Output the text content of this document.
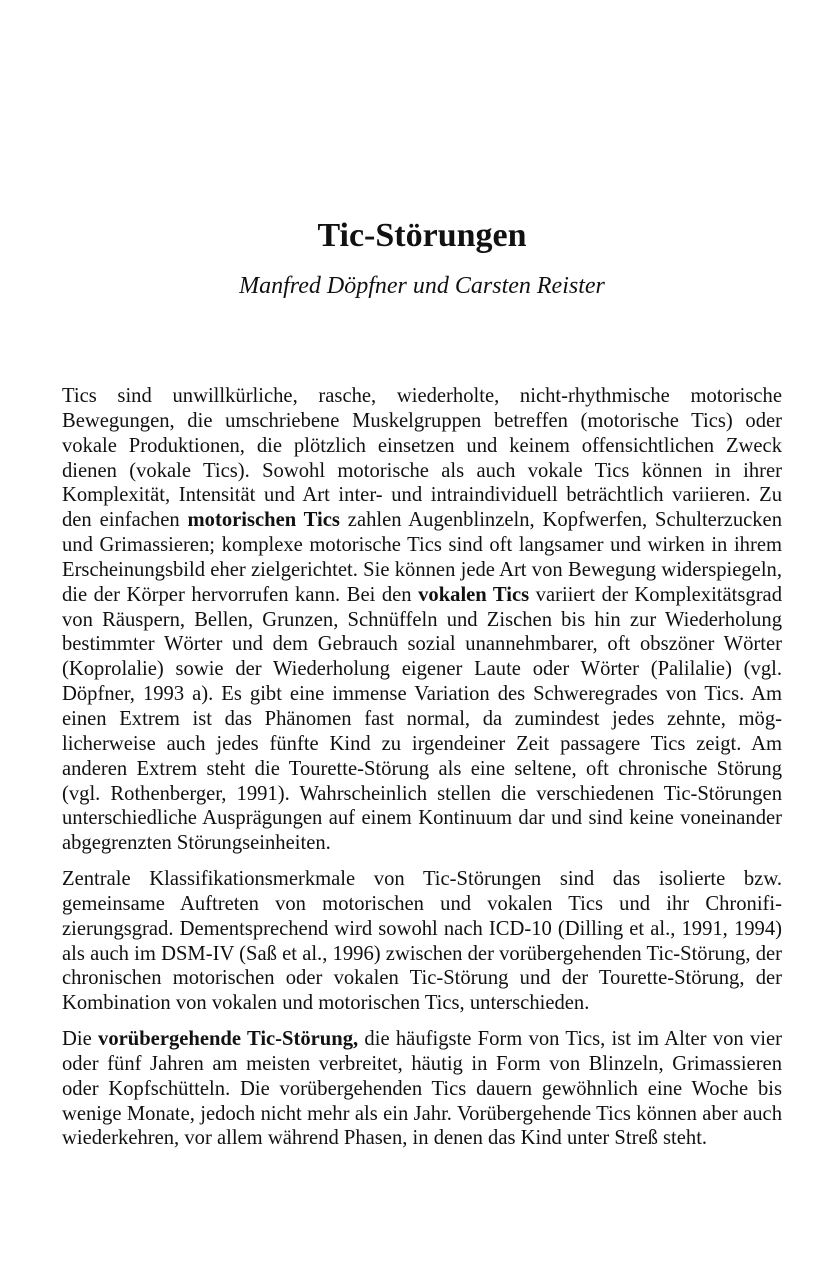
Tic-Störungen
Manfred Döpfner und Carsten Reister

Tics sind unwillkürliche, rasche, wiederholte, nicht-rhythmische motorische Bewegungen, die umschriebene Muskelgruppen betreffen (motorische Tics) oder vokale Produktionen, die plötzlich einsetzen und keinem offensichtlichen Zweck dienen (vokale Tics). Sowohl motorische als auch vokale Tics können in ihrer Komplexität, Intensität und Art inter- und intraindividuell beträchtlich variieren. Zu den einfachen motorischen Tics zahlen Augenblinzeln, Kopfwerfen, Schulterzucken und Grimassieren; komplexe motorische Tics sind oft langsamer und wirken in ihrem Erscheinungsbild eher zielgerichtet. Sie können jede Art von Bewegung widerspiegeln, die der Körper hervorrufen kann. Bei den vokalen Tics variiert der Komplexitätsgrad von Räuspern, Bellen, Grunzen, Schnüffeln und Zischen bis hin zur Wiederholung bestimmter Wörter und dem Gebrauch sozial unannehmbarer, oft obszöner Wörter (Koprolalie) sowie der Wiederholung eigener Laute oder Wörter (Palilalie) (vgl. Döpfner, 1993 a). Es gibt eine immense Variation des Schweregrades von Tics. Am einen Extrem ist das Phänomen fast normal, da zumindest jedes zehnte, möglicherweise auch jedes fünfte Kind zu irgendeiner Zeit passagere Tics zeigt. Am anderen Extrem steht die Tourette-Störung als eine seltene, oft chronische Störung (vgl. Rothenberger, 1991). Wahrscheinlich stellen die verschiedenen Tic-Störungen unterschiedliche Ausprägungen auf einem Kontinuum dar und sind keine voneinander abgegrenzten Störungseinheiten.

Zentrale Klassifikationsmerkmale von Tic-Störungen sind das isolierte bzw. gemeinsame Auftreten von motorischen und vokalen Tics und ihr Chronifizierungsgrad. Dementsprechend wird sowohl nach ICD-10 (Dilling et al., 1991, 1994) als auch im DSM-IV (Saß et al., 1996) zwischen der vorübergehenden Tic-Störung, der chronischen motorischen oder vokalen Tic-Störung und der Tourette-Störung, der Kombination von vokalen und motorischen Tics, unterschieden.

Die vorübergehende Tic-Störung, die häufigste Form von Tics, ist im Alter von vier oder fünf Jahren am meisten verbreitet, häutig in Form von Blinzeln, Grimassieren oder Kopfschütteln. Die vorübergehenden Tics dauern gewöhnlich eine Woche bis wenige Monate, jedoch nicht mehr als ein Jahr. Vorübergehende Tics können aber auch wiederkehren, vor allem während Phasen, in denen das Kind unter Streß steht.
